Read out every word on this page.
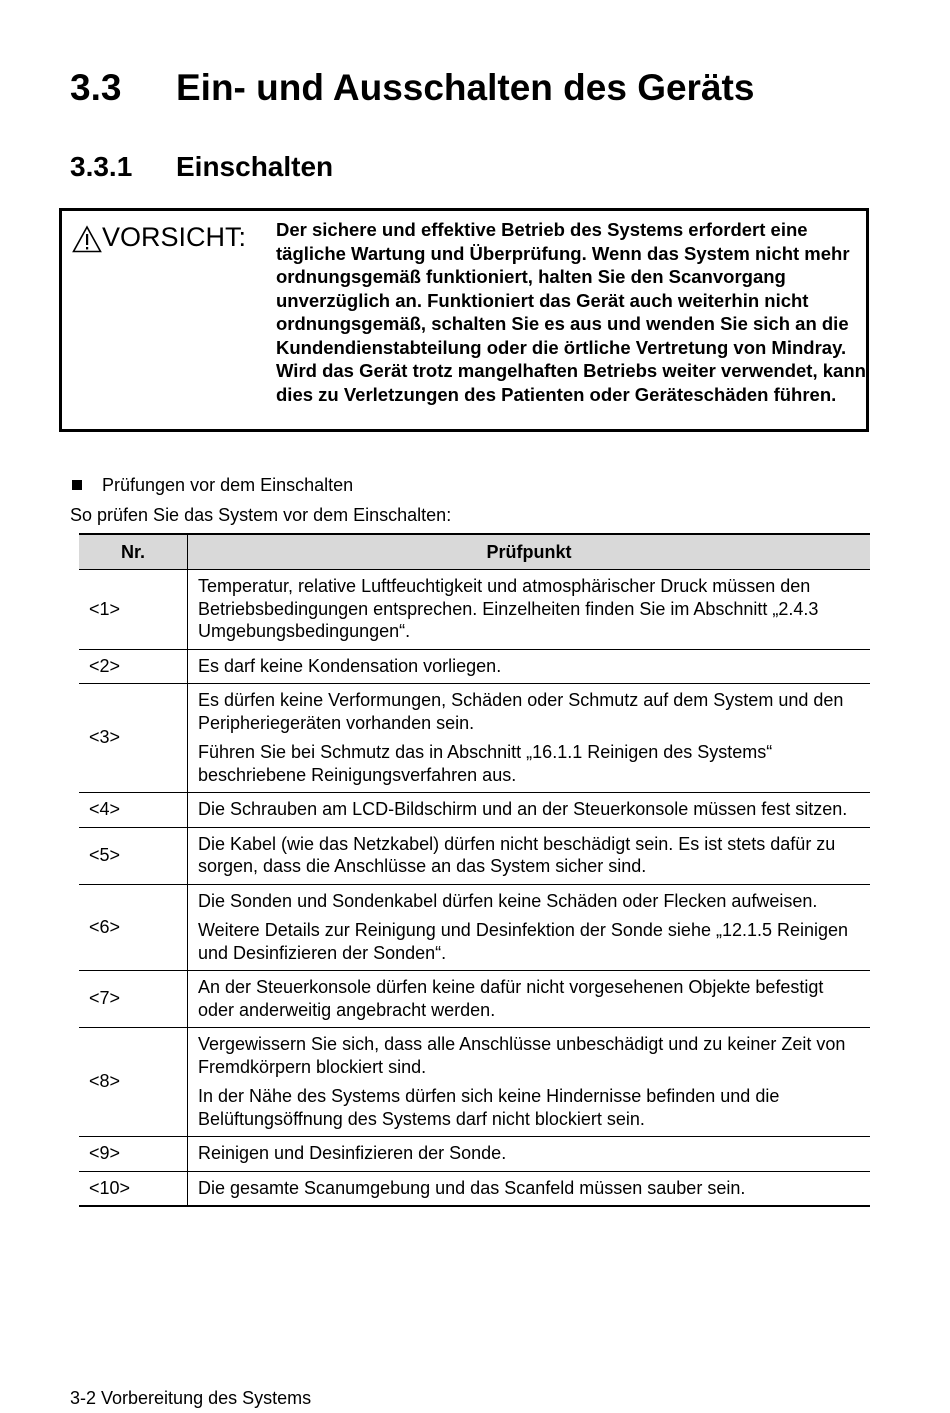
3.3 Ein- und Ausschalten des Geräts
3.3.1 Einschalten
VORSICHT: Der sichere und effektive Betrieb des Systems erfordert eine tägliche Wartung und Überprüfung. Wenn das System nicht mehr ordnungsgemäß funktioniert, halten Sie den Scanvorgang unverzüglich an. Funktioniert das Gerät auch weiterhin nicht ordnungsgemäß, schalten Sie es aus und wenden Sie sich an die Kundendienstabteilung oder die örtliche Vertretung von Mindray. Wird das Gerät trotz mangelhaften Betriebs weiter verwendet, kann dies zu Verletzungen des Patienten oder Geräteschäden führen.
Prüfungen vor dem Einschalten
So prüfen Sie das System vor dem Einschalten:
Nr.	Prüfpunkt
<1>	Temperatur, relative Luftfeuchtigkeit und atmosphärischer Druck müssen den Betriebsbedingungen entsprechen. Einzelheiten finden Sie im Abschnitt „2.4.3 Umgebungsbedingungen“.

<2>	Es darf keine Kondensation vorliegen.

<3>	Es dürfen keine Verformungen, Schäden oder Schmutz auf dem System und den Peripheriegeräten vorhanden sein.

Führen Sie bei Schmutz das in Abschnitt „16.1.1 Reinigen des Systems“ beschriebene Reinigungsverfahren aus.

<4>	Die Schrauben am LCD-Bildschirm und an der Steuerkonsole müssen fest sitzen.

<5>	Die Kabel (wie das Netzkabel) dürfen nicht beschädigt sein. Es ist stets dafür zu sorgen, dass die Anschlüsse an das System sicher sind.

<6>	Die Sonden und Sondenkabel dürfen keine Schäden oder Flecken aufweisen.

Weitere Details zur Reinigung und Desinfektion der Sonde siehe „12.1.5 Reinigen und Desinfizieren der Sonden“.

<7>	An der Steuerkonsole dürfen keine dafür nicht vorgesehenen Objekte befestigt oder anderweitig angebracht werden.

<8>	Vergewissern Sie sich, dass alle Anschlüsse unbeschädigt und zu keiner Zeit von Fremdkörpern blockiert sind.

In der Nähe des Systems dürfen sich keine Hindernisse befinden und die Belüftungsöffnung des Systems darf nicht blockiert sein.

<9>	Reinigen und Desinfizieren der Sonde.

<10>	Die gesamte Scanumgebung und das Scanfeld müssen sauber sein.

3-2 Vorbereitung des Systems
